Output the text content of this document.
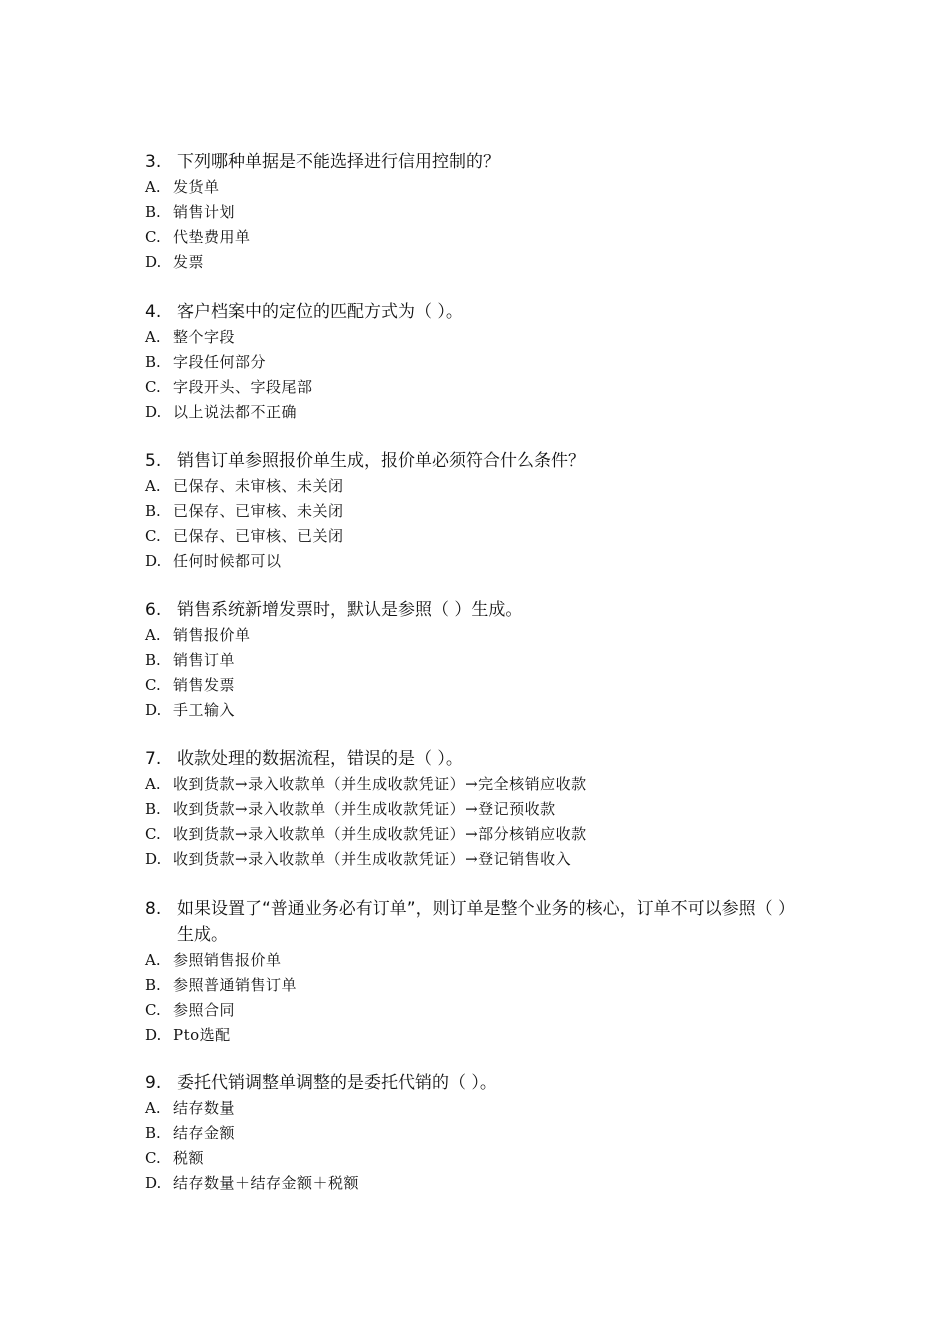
3. 下列哪种单据是不能选择进行信用控制的？
A. 发货单
B. 销售计划
C. 代垫费用单
D. 发票
4. 客户档案中的定位的匹配方式为（ ）。
A. 整个字段
B. 字段任何部分
C. 字段开头、字段尾部
D. 以上说法都不正确
5. 销售订单参照报价单生成，报价单必须符合什么条件？
A. 已保存、未审核、未关闭
B. 已保存、已审核、未关闭
C. 已保存、已审核、已关闭
D. 任何时候都可以
6. 销售系统新增发票时，默认是参照（ ）生成。
A. 销售报价单
B. 销售订单
C. 销售发票
D. 手工输入
7. 收款处理的数据流程，错误的是（ ）。
A. 收到货款→录入收款单（并生成收款凭证）→完全核销应收款
B. 收到货款→录入收款单（并生成收款凭证）→登记预收款
C. 收到货款→录入收款单（并生成收款凭证）→部分核销应收款
D. 收到货款→录入收款单（并生成收款凭证）→登记销售收入
8. 如果设置了“普通业务必有订单”，则订单是整个业务的核心，订单不可以参照（ ）生成。
A. 参照销售报价单
B. 参照普通销售订单
C. 参照合同
D. Pto选配
9. 委托代销调整单调整的是委托代销的（ ）。
A. 结存数量
B. 结存金额
C. 税额
D. 结存数量＋结存金额＋税额
